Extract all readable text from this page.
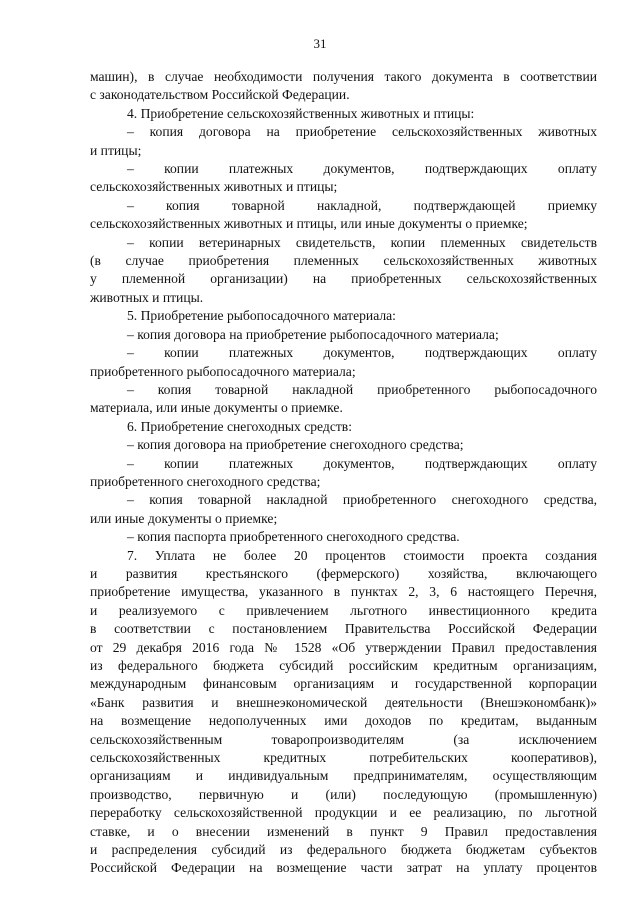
31
машин), в случае необходимости получения такого документа в соответствии
с законодательством Российской Федерации.
4. Приобретение сельскохозяйственных животных и птицы:
– копия договора на приобретение сельскохозяйственных животных
и птицы;
– копии платежных документов, подтверждающих оплату
сельскохозяйственных животных и птицы;
– копия товарной накладной, подтверждающей приемку
сельскохозяйственных животных и птицы, или иные документы о приемке;
– копии ветеринарных свидетельств, копии племенных свидетельств
(в случае приобретения племенных сельскохозяйственных животных
у племенной организации) на приобретенных сельскохозяйственных
животных и птицы.
5. Приобретение рыбопосадочного материала:
– копия договора на приобретение рыбопосадочного материала;
– копии платежных документов, подтверждающих оплату
приобретенного рыбопосадочного материала;
– копия товарной накладной приобретенного рыбопосадочного
материала, или иные документы о приемке.
6. Приобретение снегоходных средств:
– копия договора на приобретение снегоходного средства;
– копии платежных документов, подтверждающих оплату
приобретенного снегоходного средства;
– копия товарной накладной приобретенного снегоходного средства,
или иные документы о приемке;
– копия паспорта приобретенного снегоходного средства.
7. Уплата не более 20 процентов стоимости проекта создания
и развития крестьянского (фермерского) хозяйства, включающего
приобретение имущества, указанного в пунктах 2, 3, 6 настоящего Перечня,
и реализуемого с привлечением льготного инвестиционного кредита
в соответствии с постановлением Правительства Российской Федерации
от 29 декабря 2016 года № 1528 «Об утверждении Правил предоставления
из федерального бюджета субсидий российским кредитным организациям,
международным финансовым организациям и государственной корпорации
«Банк развития и внешнеэкономической деятельности (Внешэкономбанк)»
на возмещение недополученных ими доходов по кредитам, выданным
сельскохозяйственным товаропроизводителям (за исключением
сельскохозяйственных кредитных потребительских кооперативов),
организациям и индивидуальным предпринимателям, осуществляющим
производство, первичную и (или) последующую (промышленную)
переработку сельскохозяйственной продукции и ее реализацию, по льготной
ставке, и о внесении изменений в пункт 9 Правил предоставления
и распределения субсидий из федерального бюджета бюджетам субъектов
Российской Федерации на возмещение части затрат на уплату процентов
